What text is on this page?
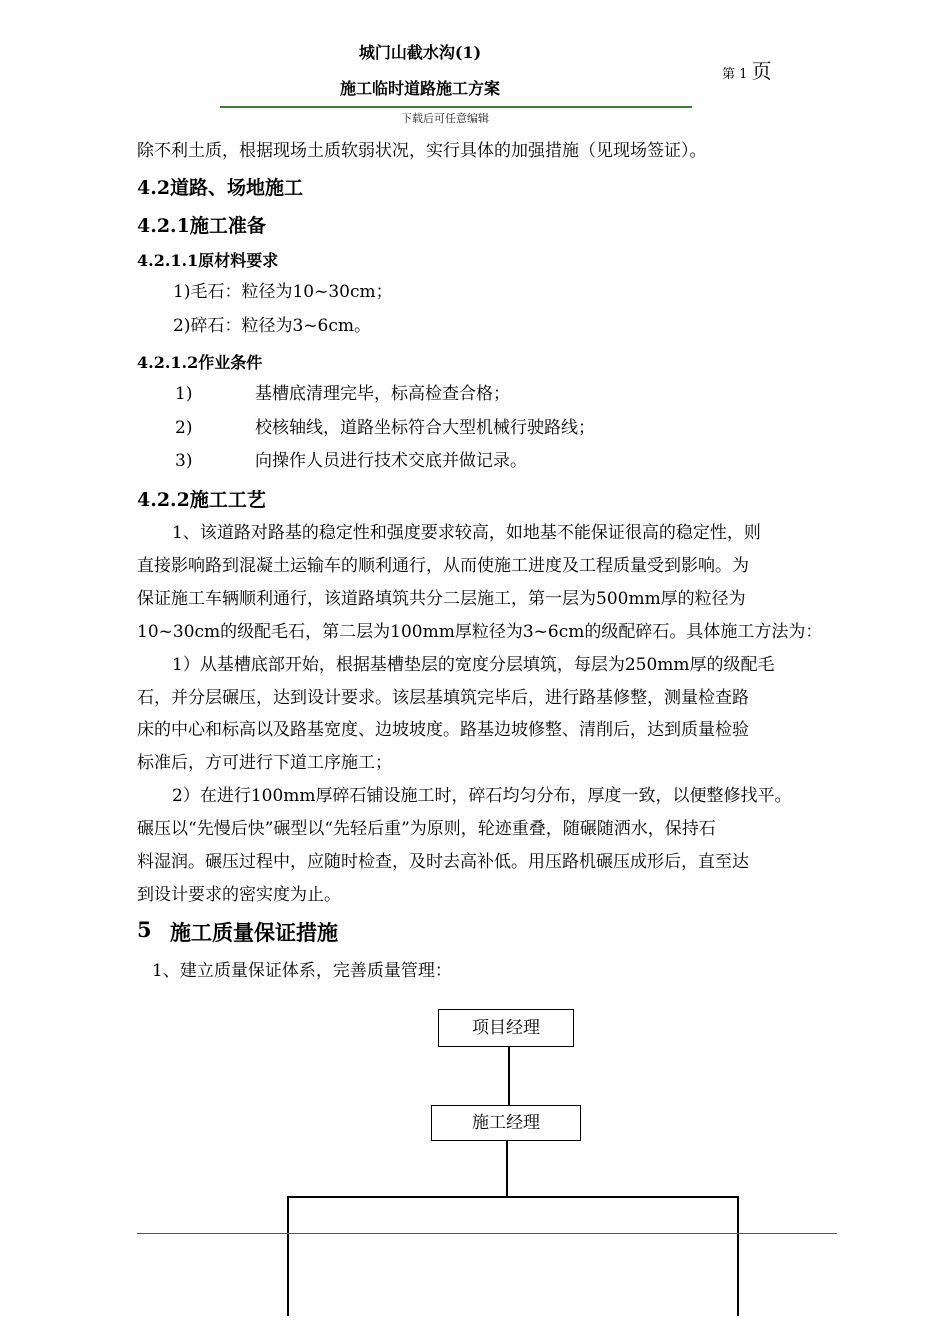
城门山截水沟(1)
施工临时道路施工方案
第 1 页
下载后可任意编辑
除不利土质，根据现场土质软弱状况，实行具体的加强措施（见现场签证）。
4.2道路、场地施工
4.2.1施工准备
4.2.1.1原材料要求
1)毛石：粒径为10~30cm；
2)碎石：粒径为3~6cm。
4.2.1.2作业条件
1)	基槽底清理完毕，标高检查合格；
2)	校核轴线，道路坐标符合大型机械行驶路线；
3)	向操作人员进行技术交底并做记录。
4.2.2施工工艺
1、该道路对路基的稳定性和强度要求较高，如地基不能保证很高的稳定性，则
直接影响路到混凝土运输车的顺利通行，从而使施工进度及工程质量受到影响。为
保证施工车辆顺利通行，该道路填筑共分二层施工，第一层为500mm厚的粒径为
10~30cm的级配毛石，第二层为100mm厚粒径为3~6cm的级配碎石。具体施工方法为：
1）从基槽底部开始，根据基槽垫层的宽度分层填筑，每层为250mm厚的级配毛
石，并分层碾压，达到设计要求。该层基填筑完毕后，进行路基修整，测量检查路
床的中心和标高以及路基宽度、边坡坡度。路基边坡修整、清削后，达到质量检验
标准后，方可进行下道工序施工；
2）在进行100mm厚碎石铺设施工时，碎石均匀分布，厚度一致，以便整修找平。
碾压以“先慢后快”碾型以“先轻后重”为原则，轮迹重叠，随碾随洒水，保持石
料湿润。碾压过程中，应随时检查，及时去高补低。用压路机碾压成形后，直至达
到设计要求的密实度为止。
5 施工质量保证措施
1、建立质量保证体系，完善质量管理：
项目经理
施工经理
